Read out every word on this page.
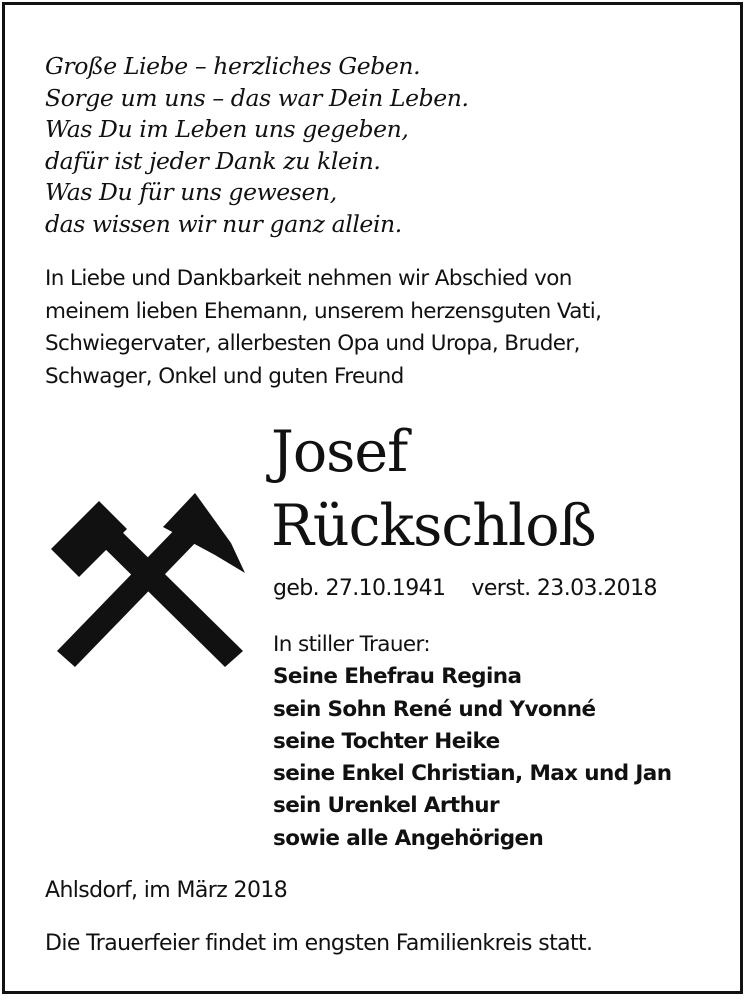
Große Liebe – herzliches Geben.
Sorge um uns – das war Dein Leben.
Was Du im Leben uns gegeben,
dafür ist jeder Dank zu klein.
Was Du für uns gewesen,
das wissen wir nur ganz allein.
In Liebe und Dankbarkeit nehmen wir Abschied von
meinem lieben Ehemann, unserem herzensguten Vati,
Schwiegervater, allerbesten Opa und Uropa, Bruder,
Schwager, Onkel und guten Freund
Josef
Rückschloß
geb. 27.10.1941 verst. 23.03.2018
In stiller Trauer:
Seine Ehefrau Regina
sein Sohn René und Yvonné
seine Tochter Heike
seine Enkel Christian, Max und Jan
sein Urenkel Arthur
sowie alle Angehörigen
Ahlsdorf, im März 2018
Die Trauerfeier findet im engsten Familienkreis statt.
